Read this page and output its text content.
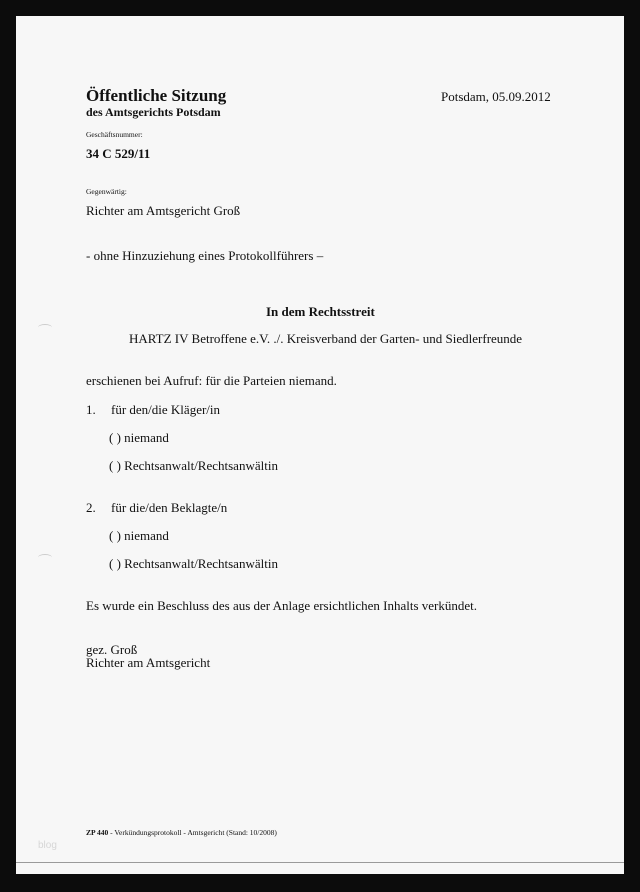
Öffentliche Sitzung
des Amtsgerichts Potsdam
Potsdam, 05.09.2012
Geschäftsnummer:
34 C 529/11
Gegenwärtig:
Richter am Amtsgericht Groß
- ohne Hinzuziehung eines Protokollführers –
In dem Rechtsstreit
HARTZ IV Betroffene e.V. ./. Kreisverband der Garten- und Siedlerfreunde
erschienen bei Aufruf: für die Parteien niemand.
1. für den/die Kläger/in
( ) niemand
( ) Rechtsanwalt/Rechtsanwältin
2. für die/den Beklagte/n
( ) niemand
( ) Rechtsanwalt/Rechtsanwältin
Es wurde ein Beschluss des aus der Anlage ersichtlichen Inhalts verkündet.
gez. Groß
Richter am Amtsgericht
ZP 440 - Verkündungsprotokoll - Amtsgericht (Stand: 10/2008)
blog
